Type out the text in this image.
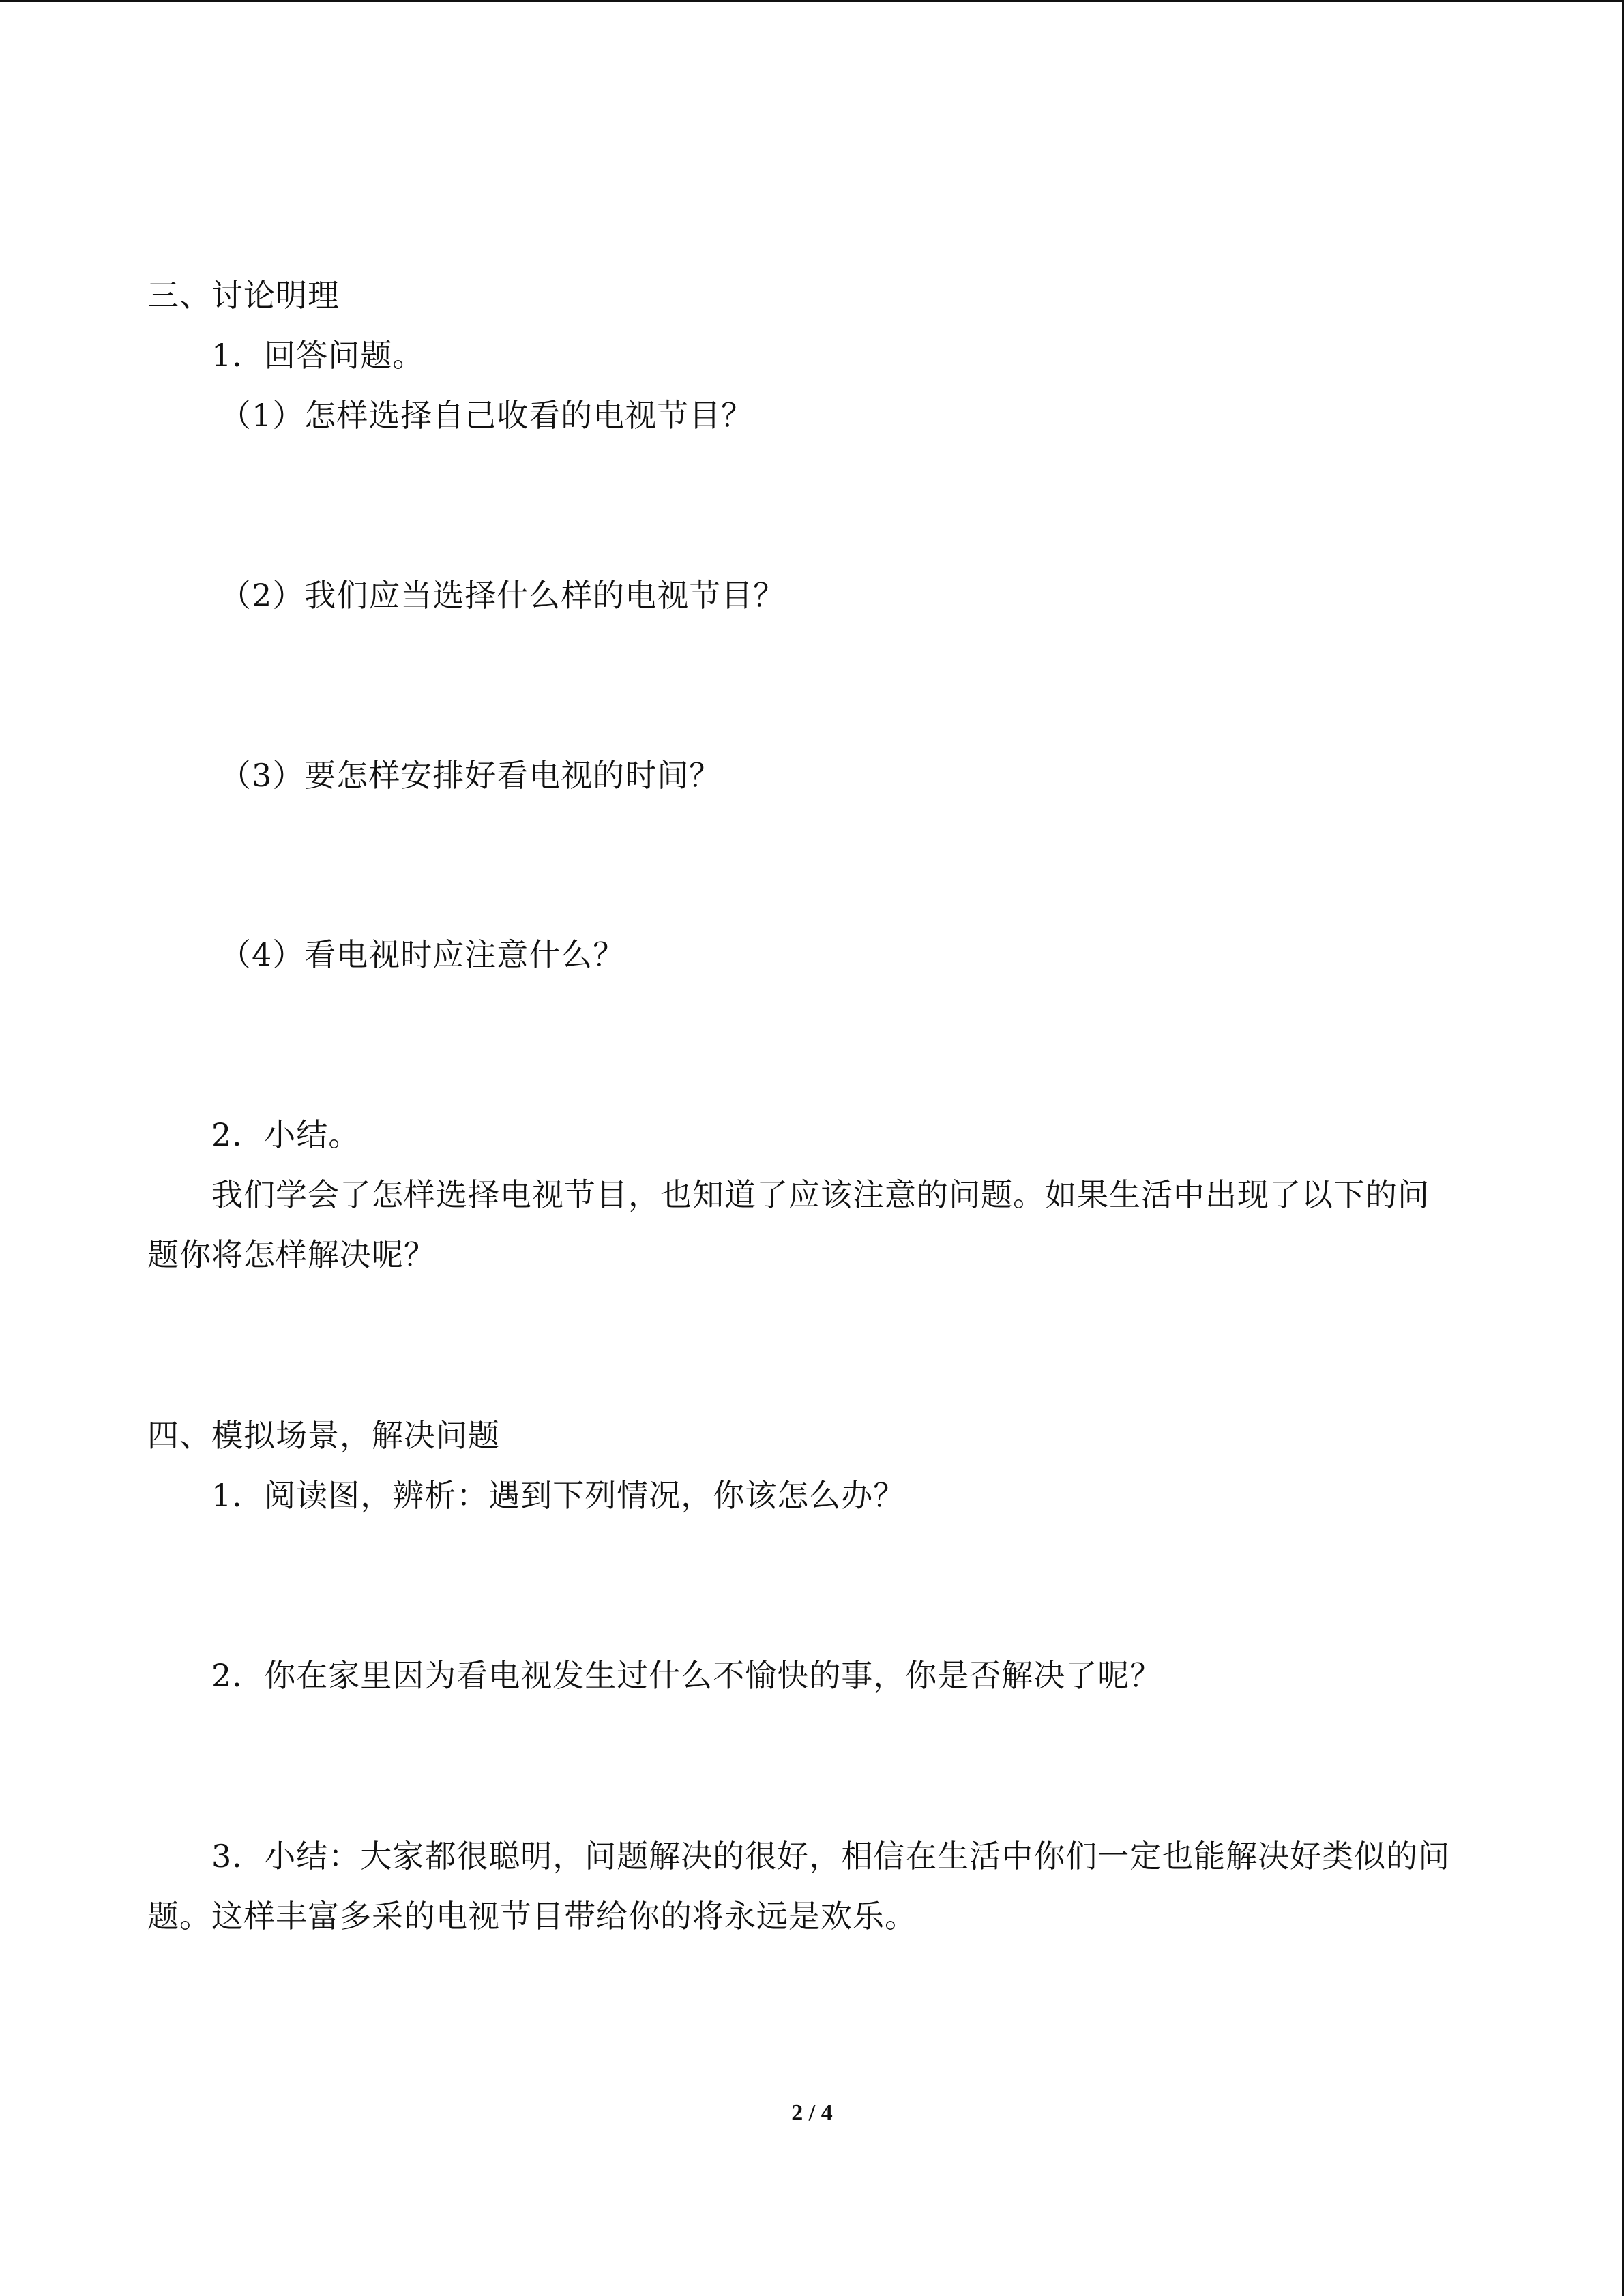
三、讨论明理
1．回答问题。
（1）怎样选择自己收看的电视节目？
（2）我们应当选择什么样的电视节目？
（3）要怎样安排好看电视的时间？
（4）看电视时应注意什么？
2．小结。
我们学会了怎样选择电视节目，也知道了应该注意的问题。如果生活中出现了以下的问
题你将怎样解决呢？
四、模拟场景，解决问题
1．阅读图，辨析：遇到下列情况，你该怎么办？
2．你在家里因为看电视发生过什么不愉快的事，你是否解决了呢？
3．小结：大家都很聪明，问题解决的很好，相信在生活中你们一定也能解决好类似的问
题。这样丰富多采的电视节目带给你的将永远是欢乐。
2 / 4
